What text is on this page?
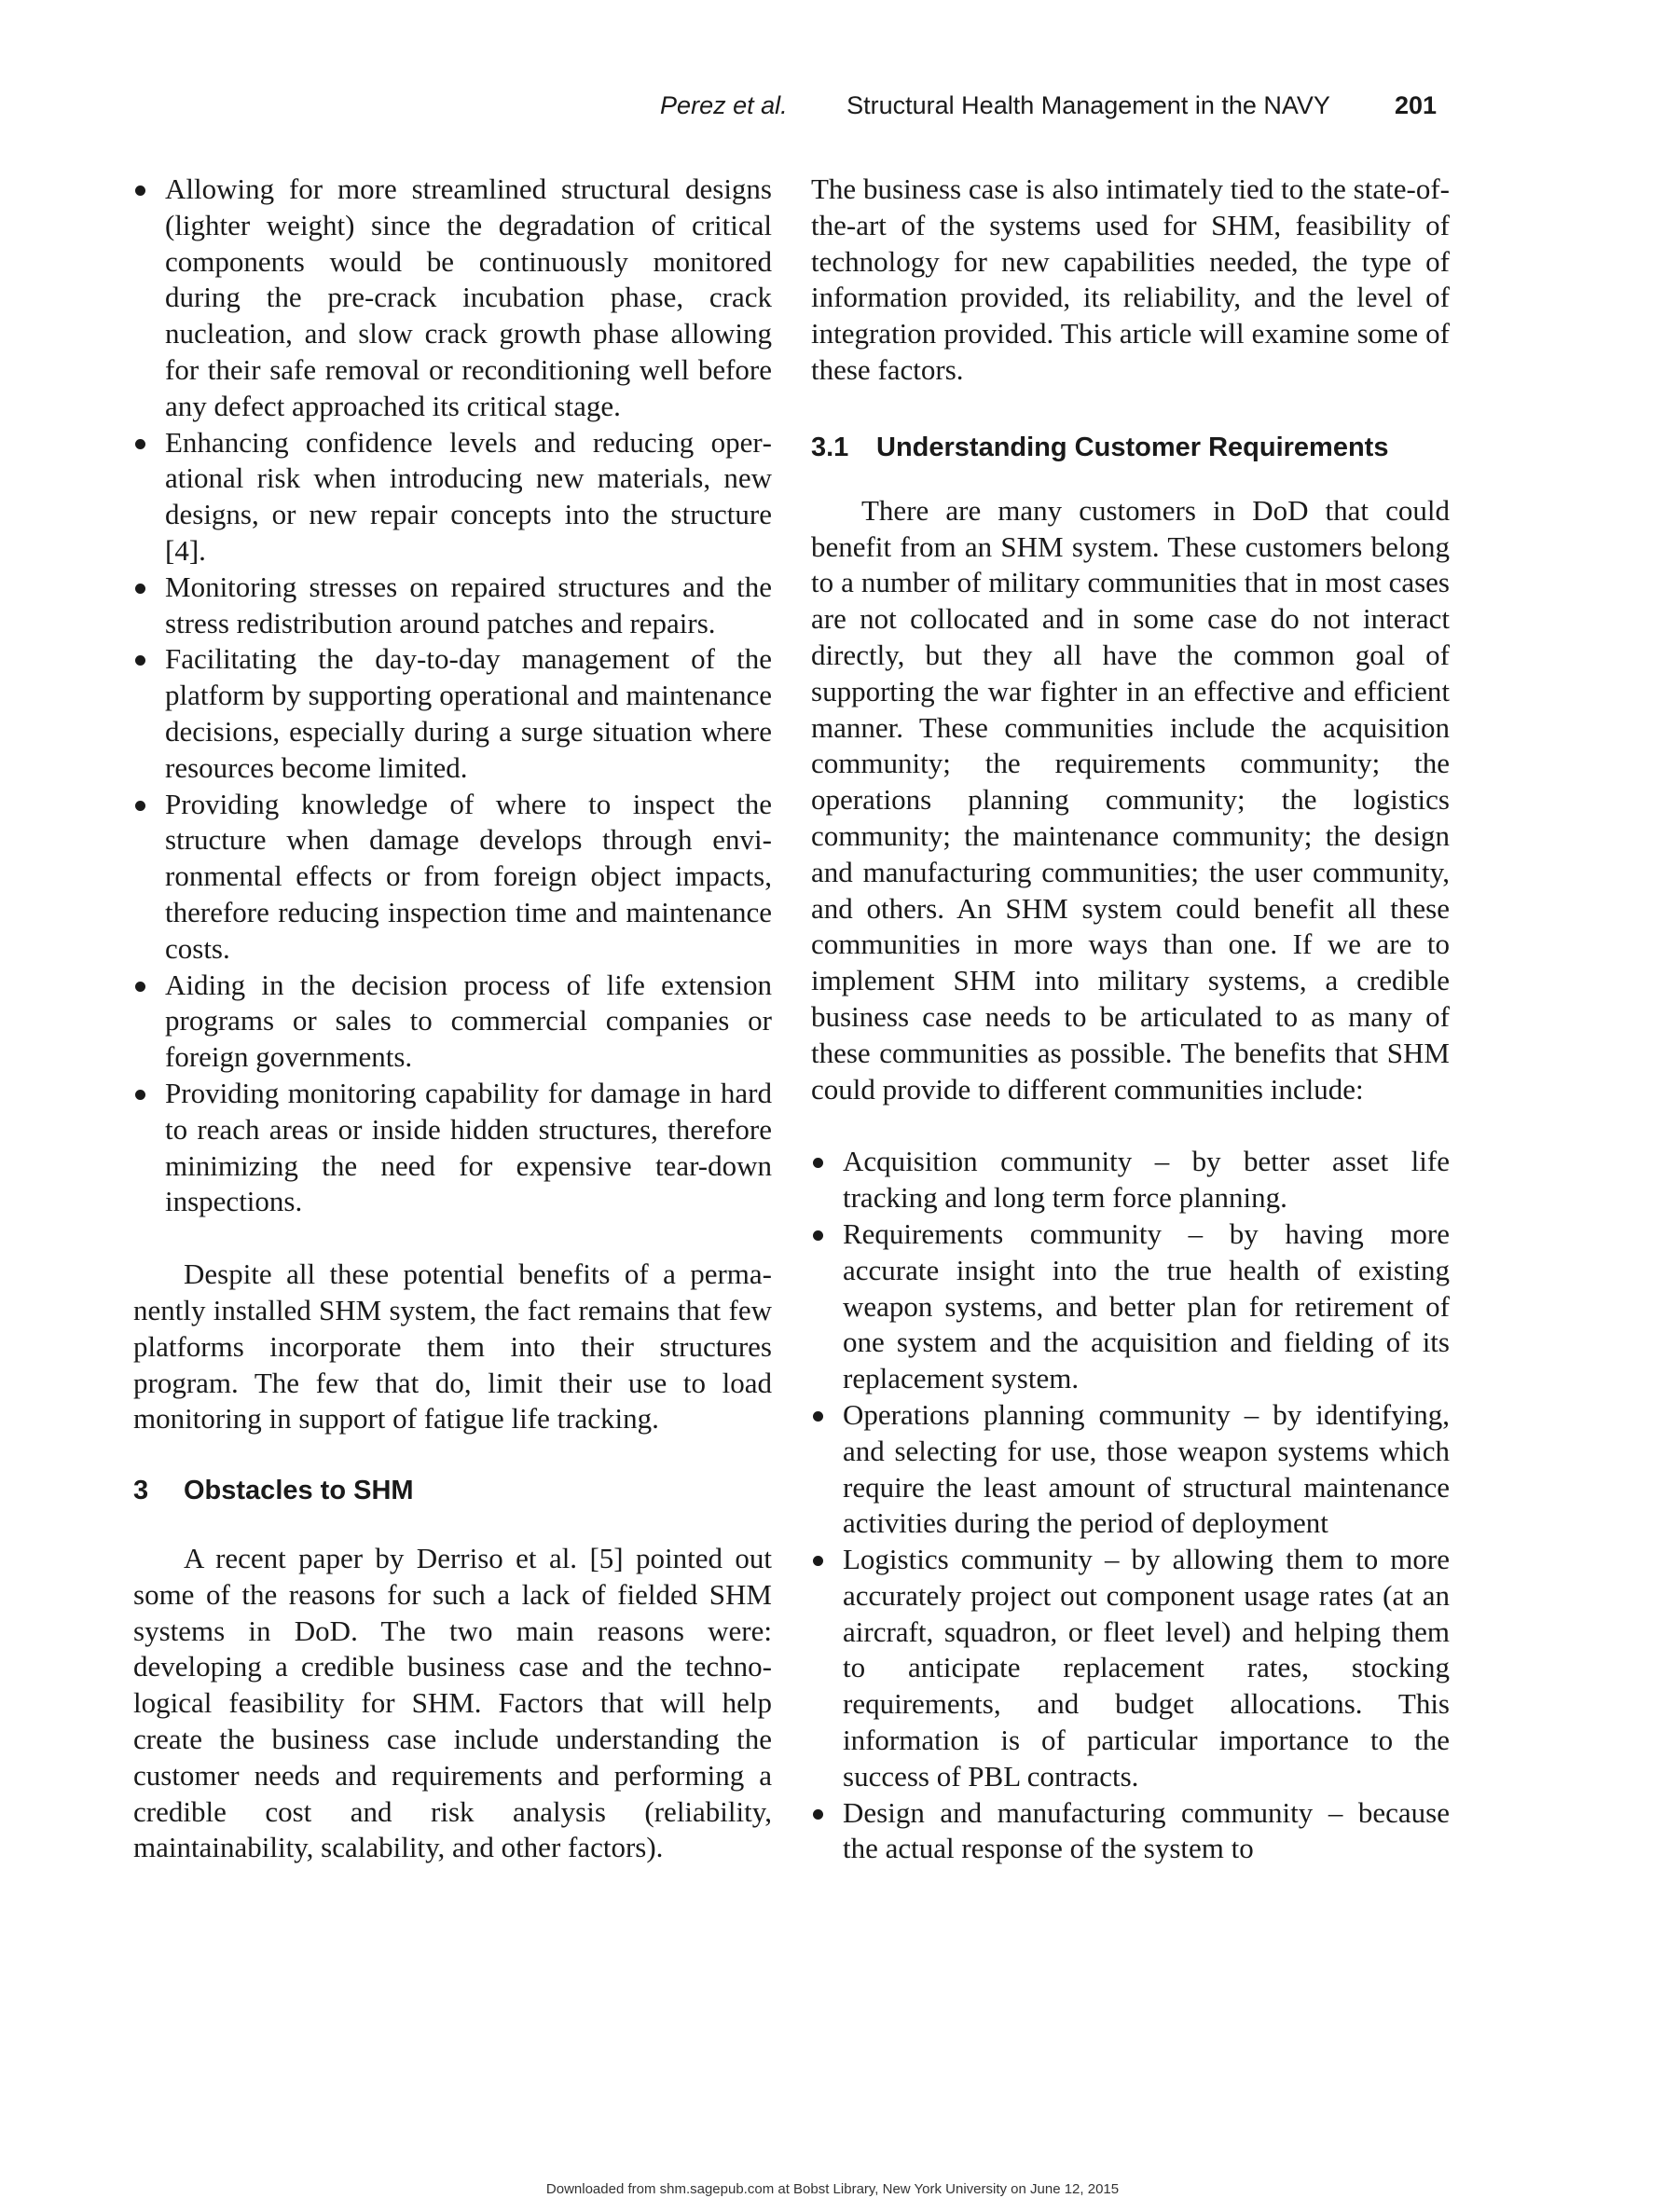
Perez et al. Structural Health Management in the NAVY	201
Allowing for more streamlined structural designs (lighter weight) since the degradation of critical components would be continuously monitored during the pre-crack incubation phase, crack nucleation, and slow crack growth phase allowing for their safe removal or reconditioning well before any defect approached its critical stage.
Enhancing confidence levels and reducing operational risk when introducing new materials, new designs, or new repair concepts into the structure [4].
Monitoring stresses on repaired structures and the stress redistribution around patches and repairs.
Facilitating the day-to-day management of the platform by supporting operational and maintenance decisions, especially during a surge situation where resources become limited.
Providing knowledge of where to inspect the structure when damage develops through environmental effects or from foreign object impacts, therefore reducing inspection time and maintenance costs.
Aiding in the decision process of life extension programs or sales to commercial companies or foreign governments.
Providing monitoring capability for damage in hard to reach areas or inside hidden structures, therefore minimizing the need for expensive tear-down inspections.

Despite all these potential benefits of a permanently installed SHM system, the fact remains that few platforms incorporate them into their structures program. The few that do, limit their use to load monitoring in support of fatigue life tracking.

3 Obstacles to SHM

A recent paper by Derriso et al. [5] pointed out some of the reasons for such a lack of fielded SHM systems in DoD. The two main reasons were: developing a credible business case and the technological feasibility for SHM. Factors that will help create the business case include understanding the customer needs and requirements and performing a credible cost and risk analysis (reliability, maintainability, scalability, and other factors).

The business case is also intimately tied to the state-of-the-art of the systems used for SHM, feasibility of technology for new capabilities needed, the type of information provided, its reliability, and the level of integration provided. This article will examine some of these factors.

3.1 Understanding Customer Requirements

There are many customers in DoD that could benefit from an SHM system. These customers belong to a number of military communities that in most cases are not collocated and in some case do not interact directly, but they all have the common goal of supporting the war fighter in an effective and efficient manner. These communities include the acquisition community; the requirements community; the operations planning community; the logistics community; the maintenance community; the design and manufacturing communities; the user community, and others. An SHM system could benefit all these communities in more ways than one. If we are to implement SHM into military systems, a credible business case needs to be articulated to as many of these communities as possible. The benefits that SHM could provide to different communities include:

Acquisition community – by better asset life tracking and long term force planning.
Requirements community – by having more accurate insight into the true health of existing weapon systems, and better plan for retirement of one system and the acquisition and fielding of its replacement system.
Operations planning community – by identifying, and selecting for use, those weapon systems which require the least amount of structural maintenance activities during the period of deployment
Logistics community – by allowing them to more accurately project out component usage rates (at an aircraft, squadron, or fleet level) and helping them to anticipate replacement rates, stocking requirements, and budget allocations. This information is of particular importance to the success of PBL contracts.
Design and manufacturing community – because the actual response of the system to
Downloaded from shm.sagepub.com at Bobst Library, New York University on June 12, 2015
